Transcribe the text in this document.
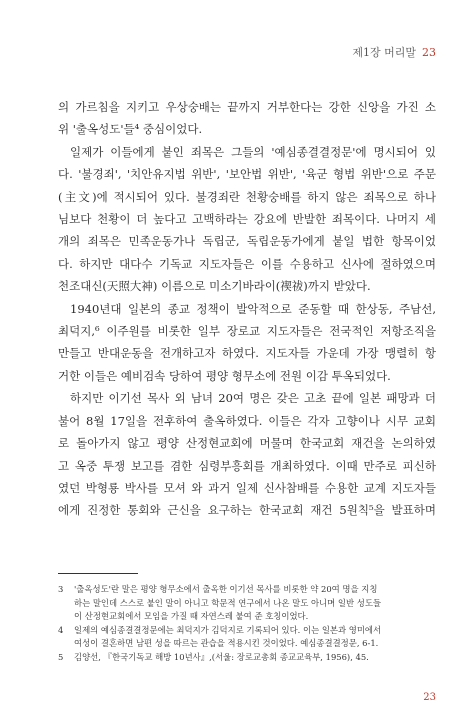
제1장 머리말 23
의 가르침을 지키고 우상숭배는 끝까지 거부한다는 강한 신앙을 가진 소
위 '출옥성도'들⁴ 중심이었다.
일제가 이들에게 붙인 죄목은 그들의 '예심종결결정문'에 명시되어 있
다. '불경죄', '치안유지법 위반', '보안법 위반', '육군 형법 위반'으로 주문
(主文)에 적시되어 있다. 불경죄란 천황숭배를 하지 않은 죄목으로 하나
님보다 천황이 더 높다고 고백하라는 강요에 반발한 죄목이다. 나머지 세
개의 죄목은 민족운동가나 독립군, 독립운동가에게 붙일 법한 항목이었
다. 하지만 대다수 기독교 지도자들은 이를 수용하고 신사에 절하였으며
천조대신(天照大神) 이름으로 미소기바라이(禊祓)까지 받았다.
1940년대 일본의 종교 정책이 발악적으로 준동할 때 한상동, 주남선,
최덕지,⁶ 이주원를 비롯한 일부 장로교 지도자들은 전국적인 저항조직을
만들고 반대운동을 전개하고자 하였다. 지도자들 가운데 가장 맹렬히 항
거한 이들은 예비검속 당하여 평양 형무소에 전원 이감 투옥되었다.
하지만 이기선 목사 외 남녀 20여 명은 갖은 고초 끝에 일본 패망과 더
불어 8월 17일을 전후하여 출옥하였다. 이들은 각자 고향이나 시무 교회
로 돌아가지 않고 평양 산정현교회에 머물며 한국교회 재건을 논의하였
고 옥중 투쟁 보고를 겸한 심령부흥회를 개최하였다. 이때 만주로 피신하
였던 박형룡 박사를 모셔 와 과거 일제 신사참배를 수용한 교계 지도자들
에게 진정한 통회와 근신을 요구하는 한국교회 재건 5원칙⁵을 발표하며
3	'출옥성도'란 말은 평양 형무소에서 출옥한 이기선 목사를 비롯한 약 20여 명을 지칭
하는 말인데 스스로 붙인 말이 아니고 학문적 연구에서 나온 말도 아니며 일반 성도들
이 산정현교회에서 모임을 가질 때 자연스레 붙여 준 호칭이었다.
4	일제의 예심종결결정문에는 최덕지가 김덕지로 기록되어 있다. 이는 일본과 영미에서
여성이 결혼하면 남편 성을 따르는 관습을 적용시킨 것이었다. 예심종결결정문, 6-1.
5	김양선, 『한국기독교 해방 10년사』,(서울: 장로교총회 종교교육부, 1956), 45.
23
